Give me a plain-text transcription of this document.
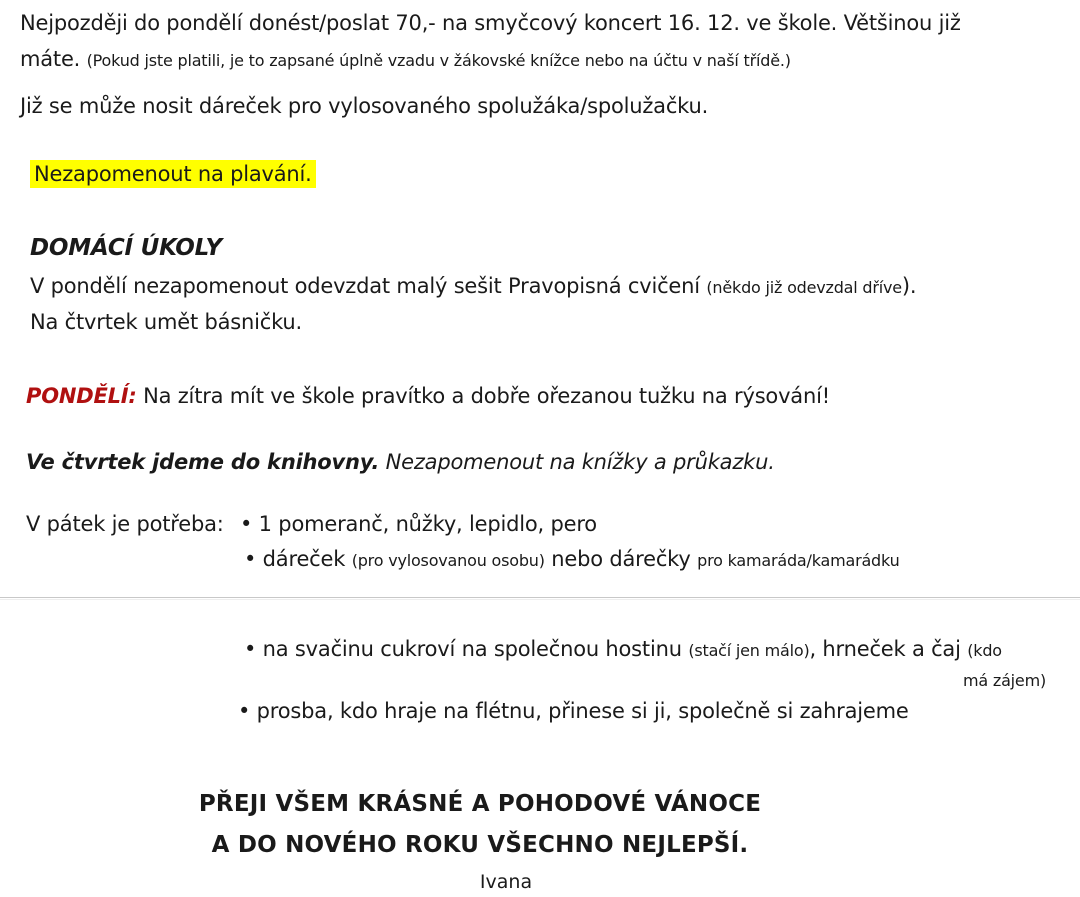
Nejpozději do pondělí donést/poslat 70,- na smyčcový koncert 16. 12. ve škole. Většinou již
máte. (Pokud jste platili, je to zapsané úplně vzadu v žákovské knížce nebo na účtu v naší třídě.)
Již se může nosit dáreček pro vylosovaného spolužáka/spolužačku.
Nezapomenout na plavání.
DOMÁCÍ ÚKOLY
V pondělí nezapomenout odevzdat malý sešit Pravopisná cvičení (někdo již odevzdal dříve).
Na čtvrtek umět básničku.
PONDĚLÍ: Na zítra mít ve škole pravítko a dobře ořezanou tužku na rýsování!
Ve čtvrtek jdeme do knihovny. Nezapomenout na knížky a průkazku.
V pátek je potřeba: • 1 pomeranč, nůžky, lepidlo, pero
• dáreček (pro vylosovanou osobu) nebo dárečky pro kamaráda/kamarádku
• na svačinu cukroví na společnou hostinu (stačí jen málo), hrneček a čaj (kdo
má zájem)
• prosba, kdo hraje na flétnu, přinese si ji, společně si zahrajeme
PŘEJI VŠEM KRÁSNÉ A POHODOVÉ VÁNOCE
A DO NOVÉHO ROKU VŠECHNO NEJLEPŠÍ.
Ivana
